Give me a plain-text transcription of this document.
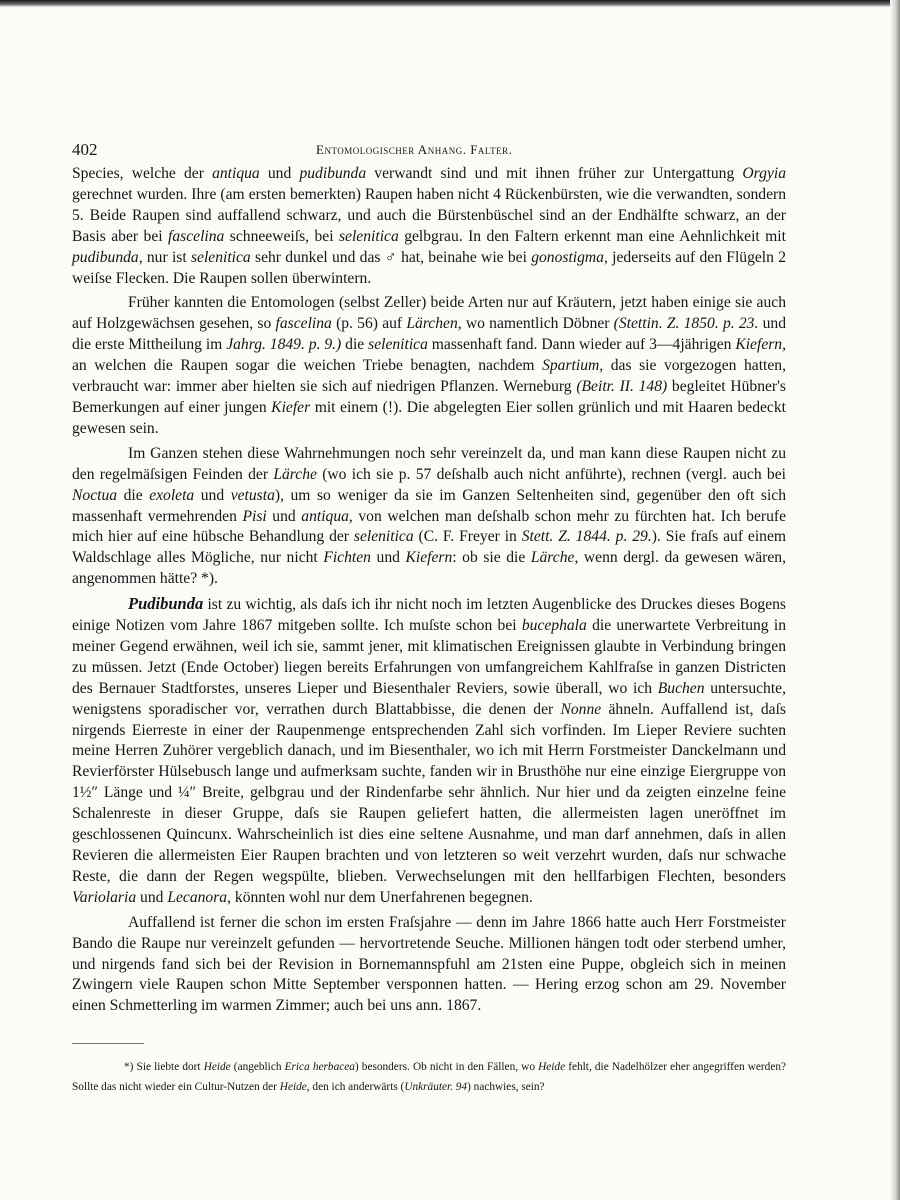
402	Entomologischer Anhang. Falter.

Species, welche der antiqua und pudibunda verwandt sind und mit ihnen früher zur Untergattung Orgyia gerechnet wurden. Ihre (am ersten bemerkten) Raupen haben nicht 4 Rückenbürsten, wie die verwandten, sondern 5. Beide Raupen sind auffallend schwarz, und auch die Bürstenbüschel sind an der Endhälfte schwarz, an der Basis aber bei fascelina schneeweiſs, bei selenitica gelbgrau. In den Faltern erkennt man eine Aehnlichkeit mit pudibunda, nur ist selenitica sehr dunkel und das ♂ hat, beinahe wie bei gonostigma, jederseits auf den Flügeln 2 weiſse Flecken. Die Raupen sollen überwintern.

Früher kannten die Entomologen (selbst Zeller) beide Arten nur auf Kräutern, jetzt haben einige sie auch auf Holzgewächsen gesehen, so fascelina (p. 56) auf Lärchen, wo namentlich Döbner (Stettin. Z. 1850. p. 23. und die erste Mittheilung im Jahrg. 1849. p. 9.) die selenitica massenhaft fand. Dann wieder auf 3—4jährigen Kiefern, an welchen die Raupen sogar die weichen Triebe benagten, nachdem Spartium, das sie vorgezogen hatten, verbraucht war: immer aber hielten sie sich auf niedrigen Pflanzen. Werneburg (Beitr. II. 148) begleitet Hübner's Bemerkungen auf einer jungen Kiefer mit einem (!). Die abgelegten Eier sollen grünlich und mit Haaren bedeckt gewesen sein.

Im Ganzen stehen diese Wahrnehmungen noch sehr vereinzelt da, und man kann diese Raupen nicht zu den regelmäſsigen Feinden der Lärche (wo ich sie p. 57 deſshalb auch nicht anführte), rechnen (vergl. auch bei Noctua die exoleta und vetusta), um so weniger da sie im Ganzen Seltenheiten sind, gegenüber den oft sich massenhaft vermehrenden Pisi und antiqua, von welchen man deſshalb schon mehr zu fürchten hat. Ich berufe mich hier auf eine hübsche Behandlung der selenitica (C. F. Freyer in Stett. Z. 1844. p. 29.). Sie fraſs auf einem Waldschlage alles Mögliche, nur nicht Fichten und Kiefern: ob sie die Lärche, wenn dergl. da gewesen wären, angenommen hätte? *).

Pudibunda ist zu wichtig, als daſs ich ihr nicht noch im letzten Augenblicke des Druckes dieses Bogens einige Notizen vom Jahre 1867 mitgeben sollte. Ich muſste schon bei bucephala die unerwartete Verbreitung in meiner Gegend erwähnen, weil ich sie, sammt jener, mit klimatischen Ereignissen glaubte in Verbindung bringen zu müssen. Jetzt (Ende October) liegen bereits Erfahrungen von umfangreichem Kahlfraſse in ganzen Districten des Bernauer Stadtforstes, unseres Lieper und Biesenthaler Reviers, sowie überall, wo ich Buchen untersuchte, wenigstens sporadischer vor, verrathen durch Blattabbisse, die denen der Nonne ähneln. Auffallend ist, daſs nirgends Eierreste in einer der Raupenmenge entsprechenden Zahl sich vorfinden. Im Lieper Reviere suchten meine Herren Zuhörer vergeblich danach, und im Biesenthaler, wo ich mit Herrn Forstmeister Danckelmann und Revierförster Hülsebusch lange und aufmerksam suchte, fanden wir in Brusthöhe nur eine einzige Eiergruppe von 1½″ Länge und ¼″ Breite, gelbgrau und der Rindenfarbe sehr ähnlich. Nur hier und da zeigten einzelne feine Schalenreste in dieser Gruppe, daſs sie Raupen geliefert hatten, die allermeisten lagen uneröffnet im geschlossenen Quincunx. Wahrscheinlich ist dies eine seltene Ausnahme, und man darf annehmen, daſs in allen Revieren die allermeisten Eier Raupen brachten und von letzteren so weit verzehrt wurden, daſs nur schwache Reste, die dann der Regen wegspülte, blieben. Verwechselungen mit den hellfarbigen Flechten, besonders Variolaria und Lecanora, könnten wohl nur dem Unerfahrenen begegnen.

Auffallend ist ferner die schon im ersten Fraſsjahre — denn im Jahre 1866 hatte auch Herr Forstmeister Bando die Raupe nur vereinzelt gefunden — hervortretende Seuche. Millionen hängen todt oder sterbend umher, und nirgends fand sich bei der Revision in Bornemannspfuhl am 21sten eine Puppe, obgleich sich in meinen Zwingern viele Raupen schon Mitte September versponnen hatten. — Hering erzog schon am 29. November einen Schmetterling im warmen Zimmer; auch bei uns ann. 1867.

*) Sie liebte dort Heide (angeblich Erica herbacea) besonders. Ob nicht in den Fällen, wo Heide fehlt, die Nadelhölzer eher angegriffen werden? Sollte das nicht wieder ein Cultur-Nutzen der Heide, den ich anderwärts (Unkräuter. 94) nachwies, sein?
